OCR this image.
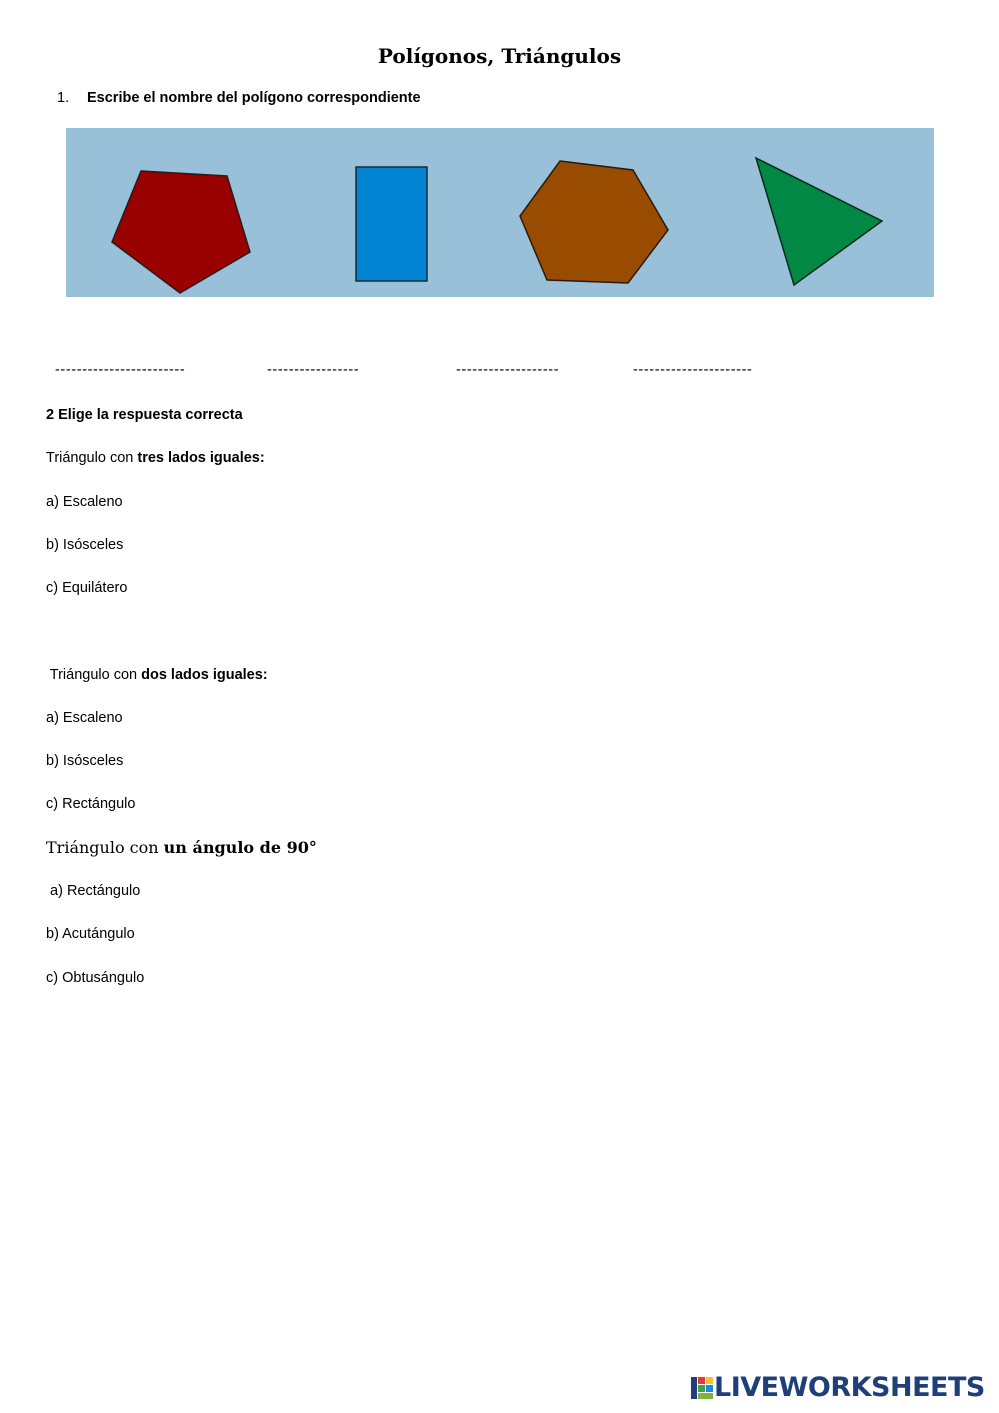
Polígonos, Triángulos
1. Escribe el nombre del polígono correspondiente
------------------------	-----------------	-------------------	----------------------
2 Elige la respuesta correcta
Triángulo con tres lados iguales:
a) Escaleno
b) Isósceles
c) Equilátero
Triángulo con dos lados iguales:
a) Escaleno
b) Isósceles
c) Rectángulo
Triángulo con un ángulo de 90°
a) Rectángulo
b) Acutángulo
c) Obtusángulo
LIVEWORKSHEETS
